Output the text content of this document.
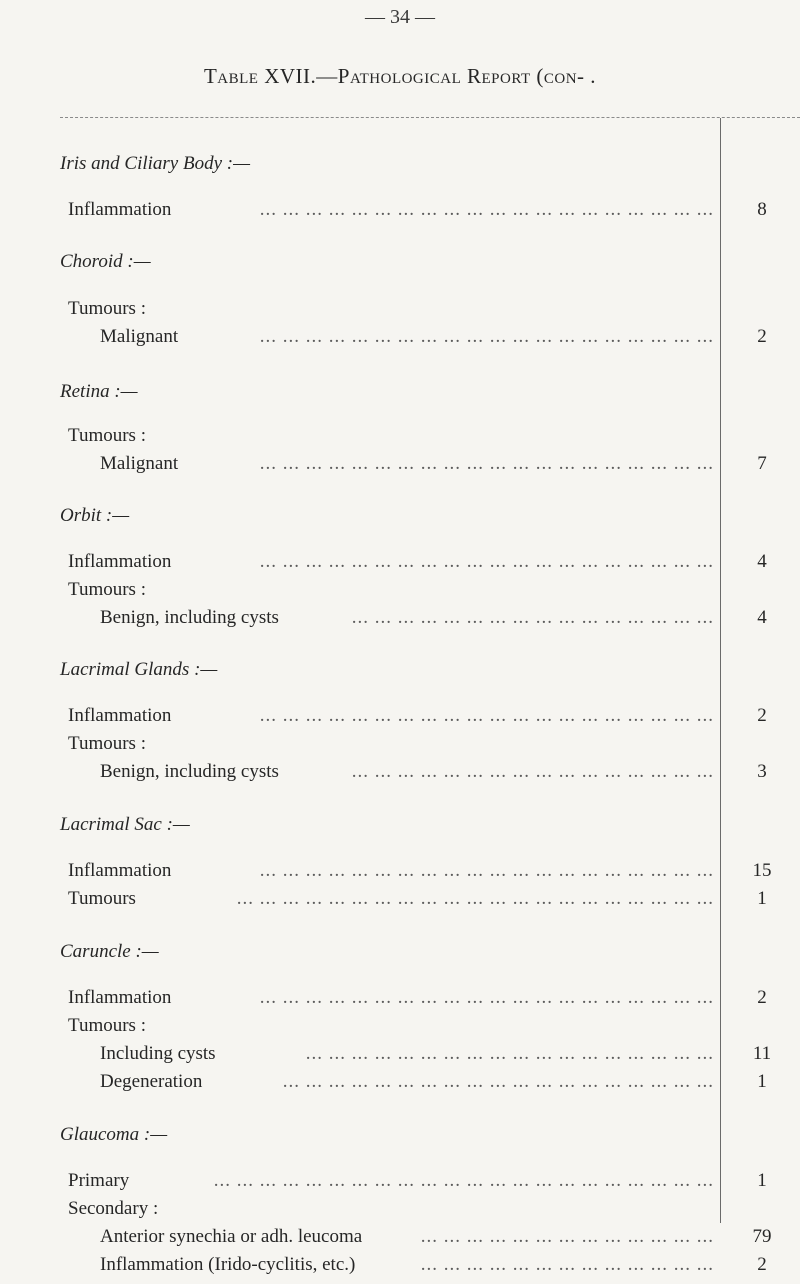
— 34 —
Table XVII.—Pathological Report (con- .
Iris and Ciliary Body :—
Inflammation	... ... ... ... ... ... ... ... ... ... ... ... ... ... ... ... ... ... ... ...	8
Choroid :—
Tumours :
Malignant	... ... ... ... ... ... ... ... ... ... ... ... ... ... ... ... ... ... ... ...	2
Retina :—
Tumours :
Malignant	... ... ... ... ... ... ... ... ... ... ... ... ... ... ... ... ... ... ... ...	7
Orbit :—
Inflammation	... ... ... ... ... ... ... ... ... ... ... ... ... ... ... ... ... ... ... ...	4
Tumours :
Benign, including cysts	... ... ... ... ... ... ... ... ... ... ... ... ... ... ... ...	4
Lacrimal Glands :—
Inflammation	... ... ... ... ... ... ... ... ... ... ... ... ... ... ... ... ... ... ... ...	2
Tumours :
Benign, including cysts	... ... ... ... ... ... ... ... ... ... ... ... ... ... ... ...	3
Lacrimal Sac :—
Inflammation	... ... ... ... ... ... ... ... ... ... ... ... ... ... ... ... ... ... ... ...	15
Tumours	... ... ... ... ... ... ... ... ... ... ... ... ... ... ... ... ... ... ... ... ...	1
Caruncle :—
Inflammation	... ... ... ... ... ... ... ... ... ... ... ... ... ... ... ... ... ... ... ...	2
Tumours :
Including cysts	... ... ... ... ... ... ... ... ... ... ... ... ... ... ... ... ... ...	11
Degeneration	... ... ... ... ... ... ... ... ... ... ... ... ... ... ... ... ... ... ...	1
Glaucoma :—
Primary	... ... ... ... ... ... ... ... ... ... ... ... ... ... ... ... ... ... ... ... ... ...	1
Secondary :
Anterior synechia or adh. leucoma	... ... ... ... ... ... ... ... ... ... ... ... ...	79
Inflammation (Irido-cyclitis, etc.)	... ... ... ... ... ... ... ... ... ... ... ... ...	2
